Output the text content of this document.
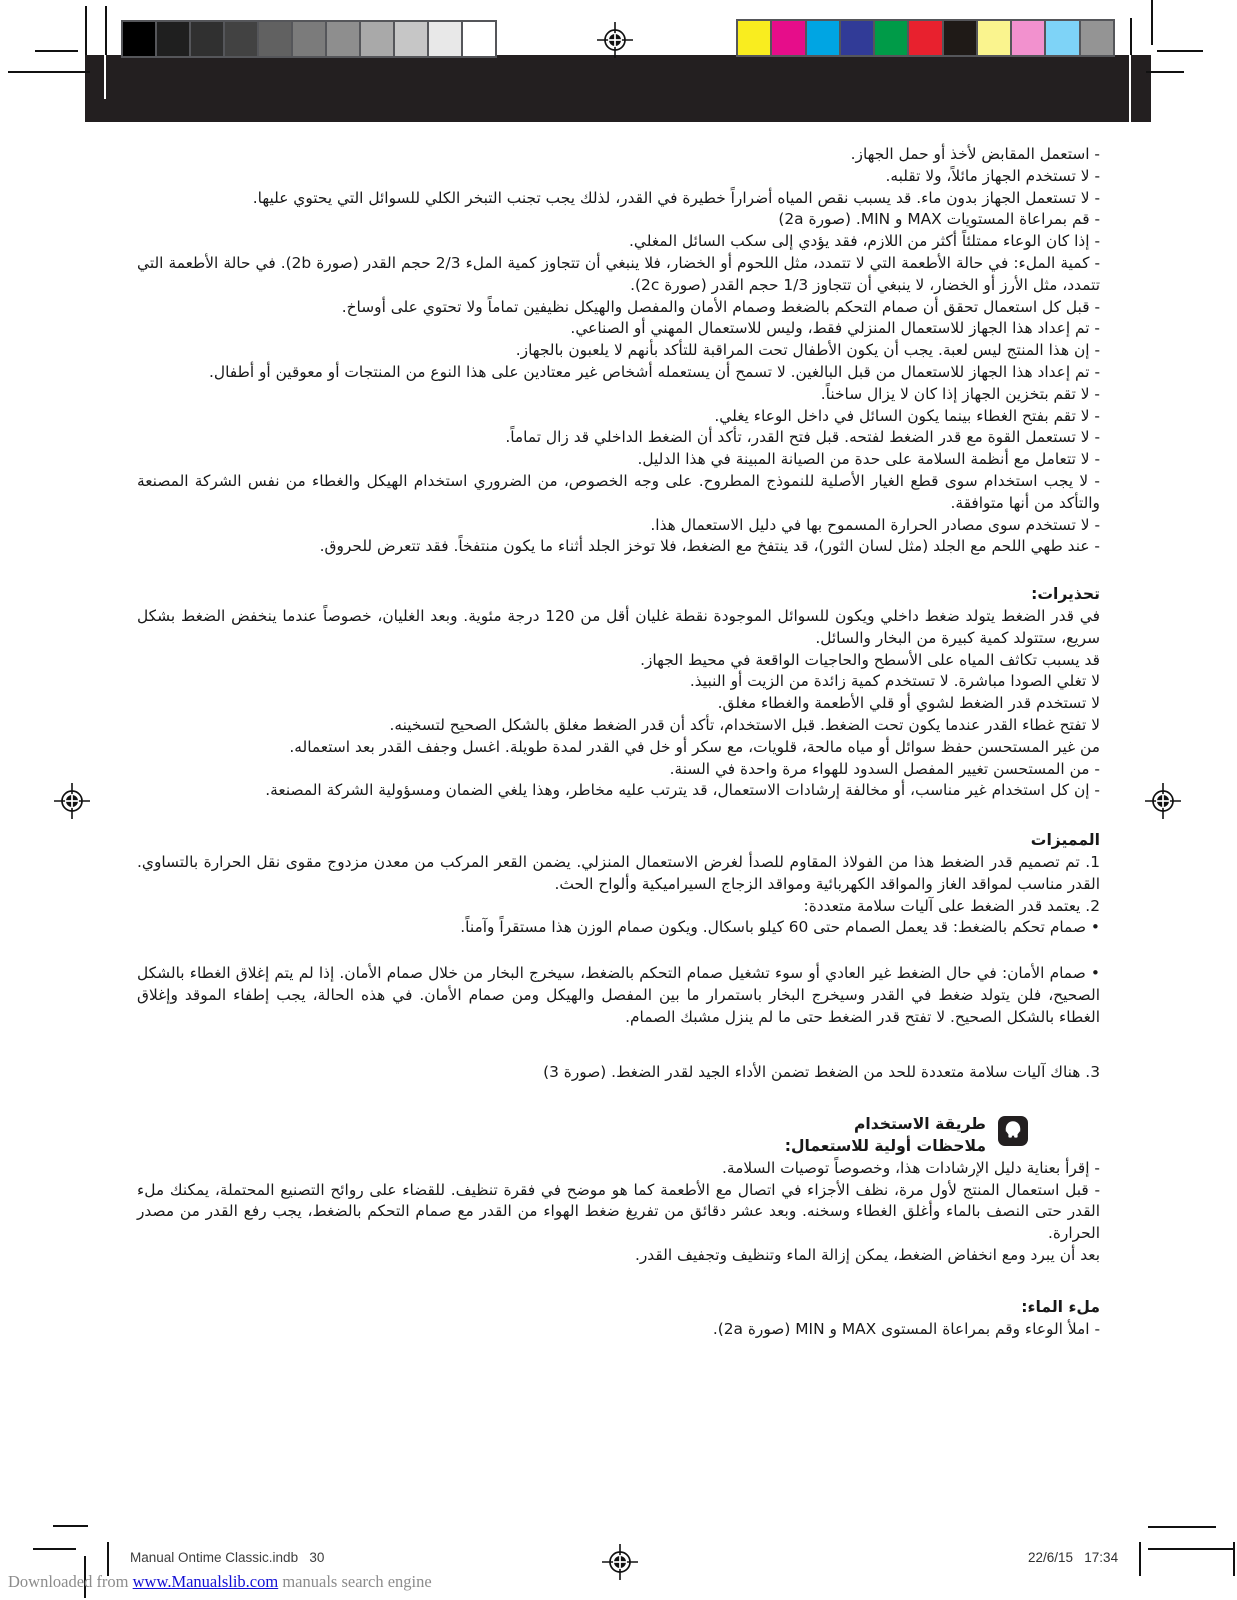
- استعمل المقابض لأخذ أو حمل الجهاز.

- لا تستخدم الجهاز مائلاً، ولا تقلبه.

- لا تستعمل الجهاز بدون ماء. قد يسبب نقص المياه أضراراً خطيرة في القدر، لذلك يجب تجنب التبخر الكلي للسوائل التي يحتوي عليها.

- قم بمراعاة المستويات MAX و MIN. (صورة 2a)

- إذا كان الوعاء ممتلئاً أكثر من اللازم، فقد يؤدي إلى سكب السائل المغلي.

- كمية الملء: في حالة الأطعمة التي لا تتمدد، مثل اللحوم أو الخضار، فلا ينبغي أن تتجاوز كمية الملء 2/3 حجم القدر (صورة 2b). في حالة الأطعمة التي تتمدد، مثل الأرز أو الخضار، لا ينبغي أن تتجاوز 1/3 حجم القدر (صورة 2c).

- قبل كل استعمال تحقق أن صمام التحكم بالضغط وصمام الأمان والمفصل والهيكل نظيفين تماماً ولا تحتوي على أوساخ.

- تم إعداد هذا الجهاز للاستعمال المنزلي فقط، وليس للاستعمال المهني أو الصناعي.

- إن هذا المنتج ليس لعبة. يجب أن يكون الأطفال تحت المراقبة للتأكد بأنهم لا يلعبون بالجهاز.

- تم إعداد هذا الجهاز للاستعمال من قبل البالغين. لا تسمح أن يستعمله أشخاص غير معتادين على هذا النوع من المنتجات أو معوقين أو أطفال.

- لا تقم بتخزين الجهاز إذا كان لا يزال ساخناً.

- لا تقم بفتح الغطاء بينما يكون السائل في داخل الوعاء يغلي.

- لا تستعمل القوة مع قدر الضغط لفتحه. قبل فتح القدر، تأكد أن الضغط الداخلي قد زال تماماً.

- لا تتعامل مع أنظمة السلامة على حدة من الصيانة المبينة في هذا الدليل.

- لا يجب استخدام سوى قطع الغيار الأصلية للنموذج المطروح. على وجه الخصوص، من الضروري استخدام الهيكل والغطاء من نفس الشركة المصنعة والتأكد من أنها متوافقة.

- لا تستخدم سوى مصادر الحرارة المسموح بها في دليل الاستعمال هذا.

- عند طهي اللحم مع الجلد (مثل لسان الثور)، قد ينتفخ مع الضغط، فلا توخز الجلد أثناء ما يكون منتفخاً. فقد تتعرض للحروق.

تحذيرات:

في قدر الضغط يتولد ضغط داخلي ويكون للسوائل الموجودة نقطة غليان أقل من 120 درجة مئوية. وبعد الغليان، خصوصاً عندما ينخفض الضغط بشكل سريع، ستتولد كمية كبيرة من البخار والسائل.

قد يسبب تكاثف المياه على الأسطح والحاجيات الواقعة في محيط الجهاز.

لا تغلي الصودا مباشرة. لا تستخدم كمية زائدة من الزيت أو النبيذ.

لا تستخدم قدر الضغط لشوي أو قلي الأطعمة والغطاء مغلق.

لا تفتح غطاء القدر عندما يكون تحت الضغط. قبل الاستخدام، تأكد أن قدر الضغط مغلق بالشكل الصحيح لتسخينه.

من غير المستحسن حفظ سوائل أو مياه مالحة، قلويات، مع سكر أو خل في القدر لمدة طويلة. اغسل وجفف القدر بعد استعماله.

- من المستحسن تغيير المفصل السدود للهواء مرة واحدة في السنة.

- إن كل استخدام غير مناسب، أو مخالفة إرشادات الاستعمال، قد يترتب عليه مخاطر، وهذا يلغي الضمان ومسؤولية الشركة المصنعة.

المميزات

1. تم تصميم قدر الضغط هذا من الفولاذ المقاوم للصدأ لغرض الاستعمال المنزلي. يضمن القعر المركب من معدن مزدوج مقوى نقل الحرارة بالتساوي. القدر مناسب لمواقد الغاز والمواقد الكهربائية ومواقد الزجاج السيراميكية وألواح الحث.

2. يعتمد قدر الضغط على آليات سلامة متعددة:

• صمام تحكم بالضغط: قد يعمل الصمام حتى 60 كيلو باسكال. ويكون صمام الوزن هذا مستقراً وآمناً.

• صمام الأمان: في حال الضغط غير العادي أو سوء تشغيل صمام التحكم بالضغط، سيخرج البخار من خلال صمام الأمان. إذا لم يتم إغلاق الغطاء بالشكل الصحيح، فلن يتولد ضغط في القدر وسيخرج البخار باستمرار ما بين المفصل والهيكل ومن صمام الأمان. في هذه الحالة، يجب إطفاء الموقد وإغلاق الغطاء بالشكل الصحيح. لا تفتح قدر الضغط حتى ما لم ينزل مشبك الصمام.

3. هناك آليات سلامة متعددة للحد من الضغط تضمن الأداء الجيد لقدر الضغط. (صورة 3)

طريقة الاستخدام
ملاحظات أولية للاستعمال:

- إقرأ بعناية دليل الإرشادات هذا، وخصوصاً توصيات السلامة.

- قبل استعمال المنتج لأول مرة، نظف الأجزاء في اتصال مع الأطعمة كما هو موضح في فقرة تنظيف. للقضاء على روائح التصنيع المحتملة، يمكنك ملء القدر حتى النصف بالماء وأغلق الغطاء وسخنه. وبعد عشر دقائق من تفريغ ضغط الهواء من القدر مع صمام التحكم بالضغط، يجب رفع القدر من مصدر الحرارة.

بعد أن يبرد ومع انخفاض الضغط، يمكن إزالة الماء وتنظيف وتجفيف القدر.

ملء الماء:

- املأ الوعاء وقم بمراعاة المستوى MAX و MIN (صورة 2a).

Manual Ontime Classic.indb   30	22/6/15   17:34
Downloaded from www.Manualslib.com manuals search engine
